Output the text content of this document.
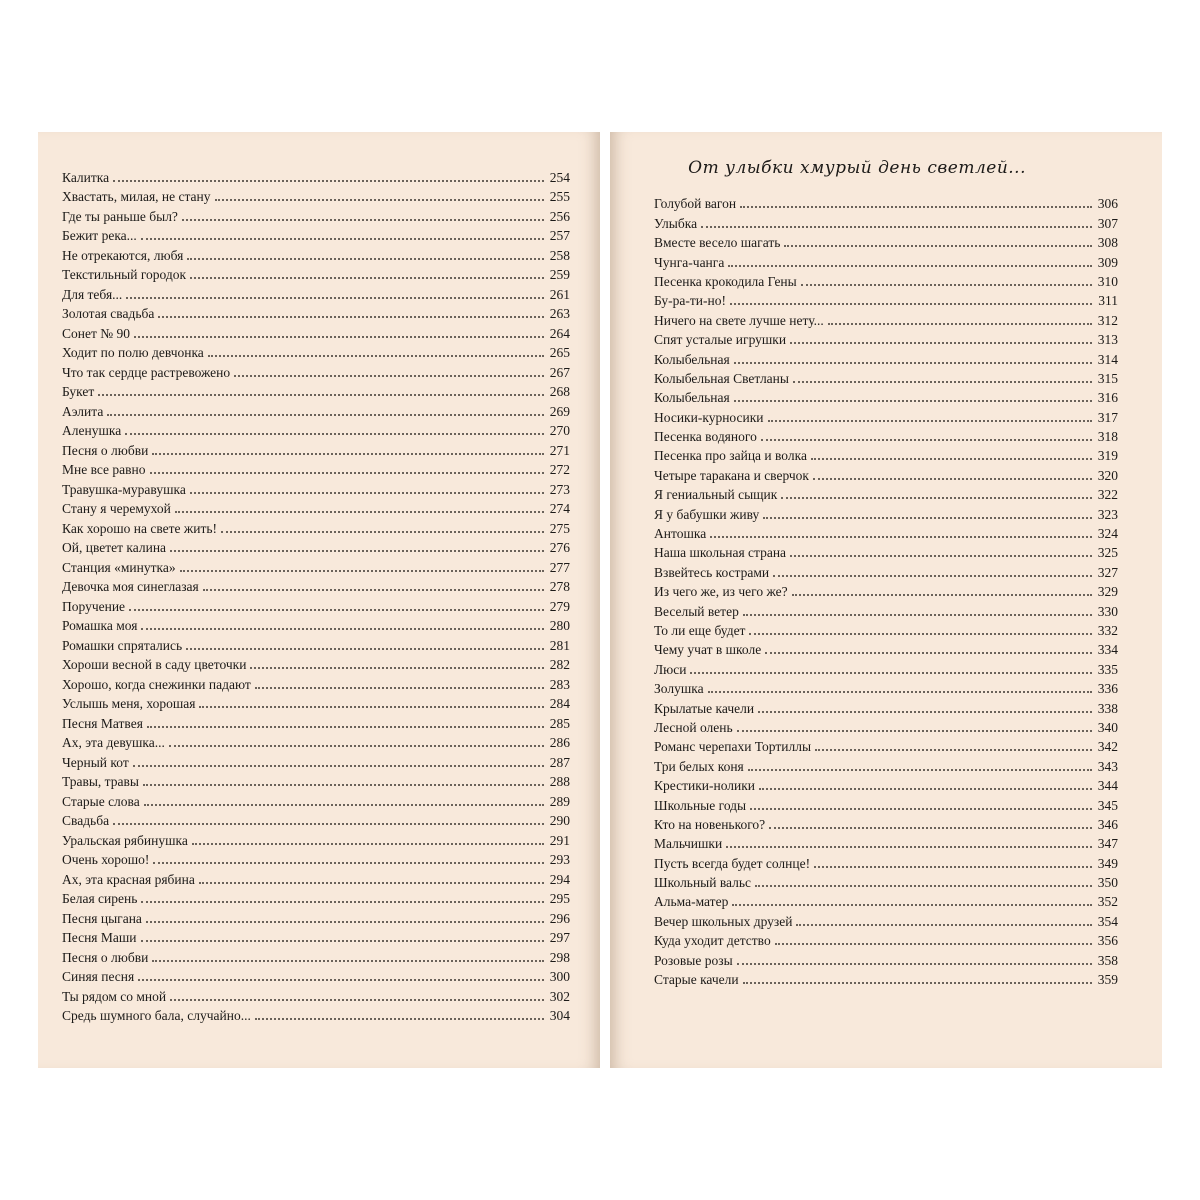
Калитка	254
Хвастать, милая, не стану	255
Где ты раньше был?	256
Бежит река...	257
Не отрекаются, любя	258
Текстильный городок	259
Для тебя...	261
Золотая свадьба	263
Сонет № 90	264
Ходит по полю девчонка	265
Что так сердце растревожено	267
Букет	268
Аэлита	269
Аленушка	270
Песня о любви	271
Мне все равно	272
Травушка-муравушка	273
Стану я черемухой	274
Как хорошо на свете жить!	275
Ой, цветет калина	276
Станция «минутка»	277
Девочка моя синеглазая	278
Поручение	279
Ромашка моя	280
Ромашки спрятались	281
Хороши весной в саду цветочки	282
Хорошо, когда снежинки падают	283
Услышь меня, хорошая	284
Песня Матвея	285
Ах, эта девушка...	286
Черный кот	287
Травы, травы	288
Старые слова	289
Свадьба	290
Уральская рябинушка	291
Очень хорошо!	293
Ах, эта красная рябина	294
Белая сирень	295
Песня цыгана	296
Песня Маши	297
Песня о любви	298
Синяя песня	300
Ты рядом со мной	302
Средь шумного бала, случайно...	304
От улыбки хмурый день светлей...
Голубой вагон	306
Улыбка	307
Вместе весело шагать	308
Чунга-чанга	309
Песенка крокодила Гены	310
Бу-ра-ти-но!	311
Ничего на свете лучше нету...	312
Спят усталые игрушки	313
Колыбельная	314
Колыбельная Светланы	315
Колыбельная	316
Носики-курносики	317
Песенка водяного	318
Песенка про зайца и волка	319
Четыре таракана и сверчок	320
Я гениальный сыщик	322
Я у бабушки живу	323
Антошка	324
Наша школьная страна	325
Взвейтесь кострами	327
Из чего же, из чего же?	329
Веселый ветер	330
То ли еще будет	332
Чему учат в школе	334
Люси	335
Золушка	336
Крылатые качели	338
Лесной олень	340
Романс черепахи Тортиллы	342
Три белых коня	343
Крестики-нолики	344
Школьные годы	345
Кто на новенького?	346
Мальчишки	347
Пусть всегда будет солнце!	349
Школьный вальс	350
Альма-матер	352
Вечер школьных друзей	354
Куда уходит детство	356
Розовые розы	358
Старые качели	359
